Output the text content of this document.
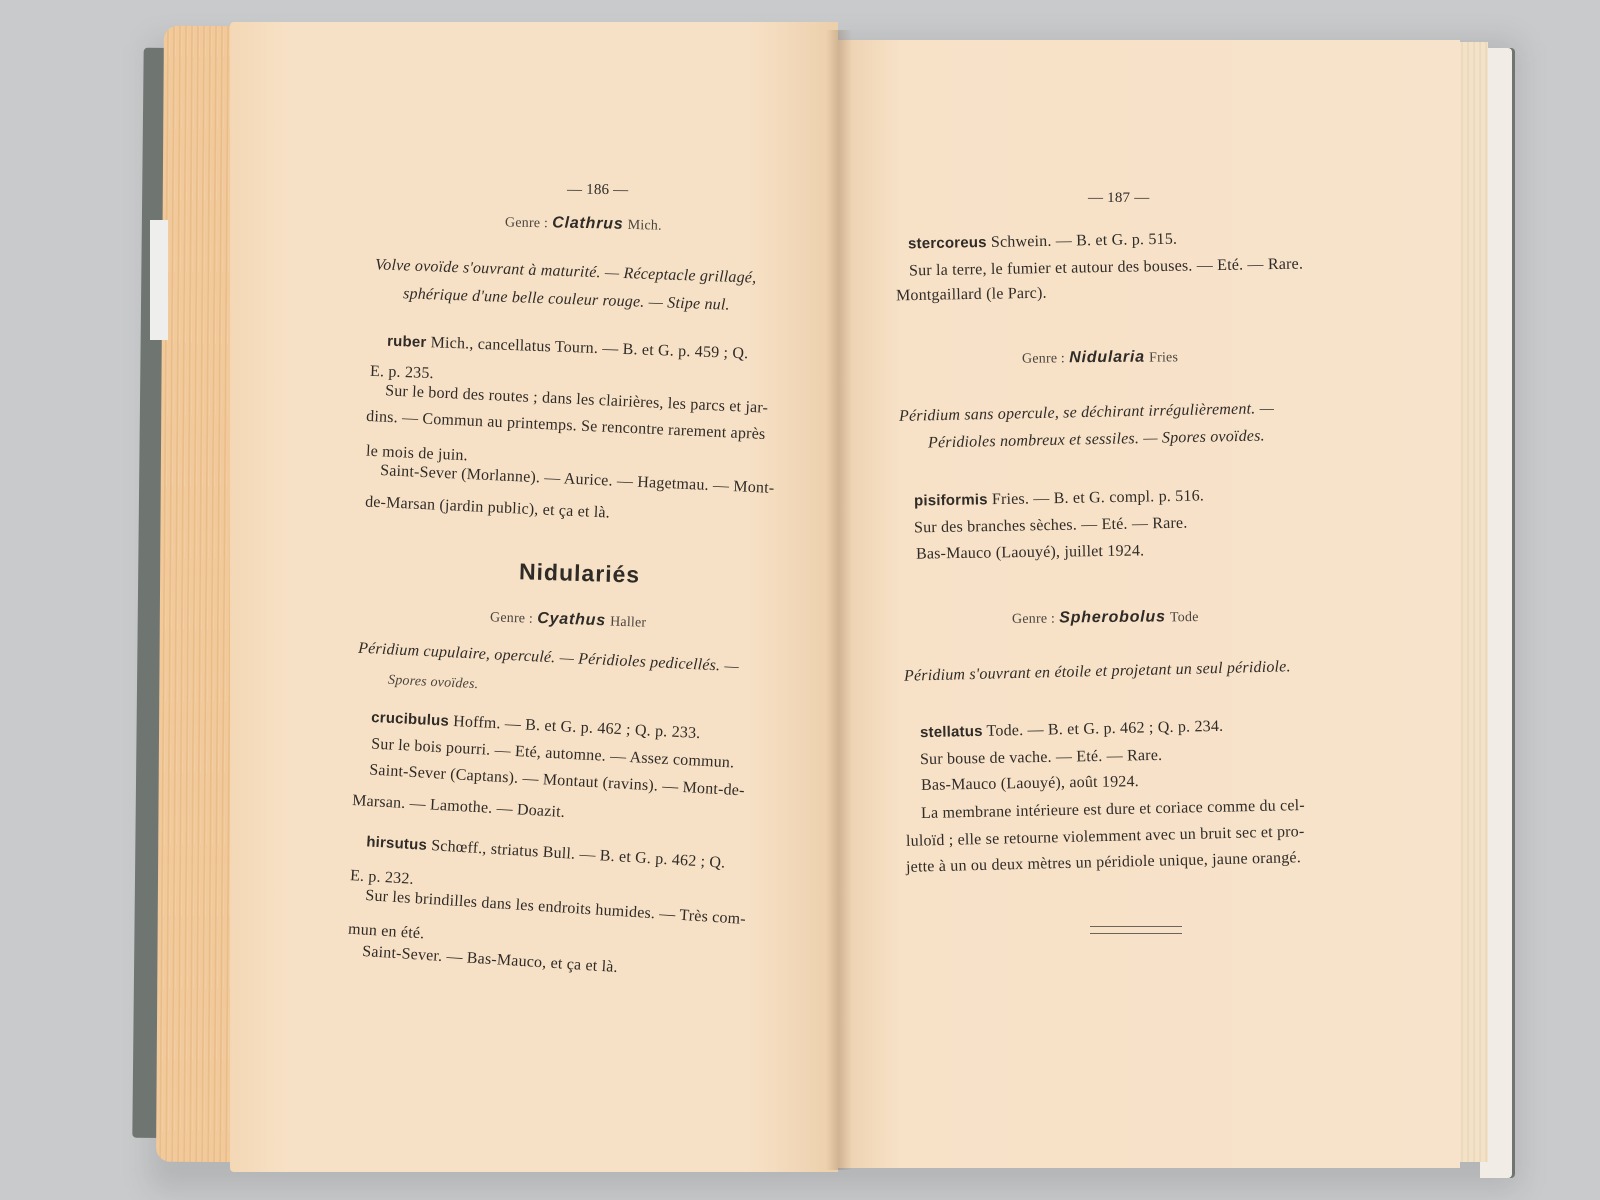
— 186 —
Genre : Clathrus Mich.
Volve ovoïde s'ouvrant à maturité. — Réceptacle grillagé,
sphérique d'une belle couleur rouge. — Stipe nul.
ruber Mich., cancellatus Tourn. — B. et G. p. 459 ; Q.
E. p. 235.
Sur le bord des routes ; dans les clairières, les parcs et jar-
dins. — Commun au printemps. Se rencontre rarement après
le mois de juin.
Saint-Sever (Morlanne). — Aurice. — Hagetmau. — Mont-
de-Marsan (jardin public), et ça et là.
Nidulariés
Genre : Cyathus Haller
Péridium cupulaire, operculé. — Péridioles pedicellés. —
Spores ovoïdes.
crucibulus Hoffm. — B. et G. p. 462 ; Q. p. 233.
Sur le bois pourri. — Eté, automne. — Assez commun.
Saint-Sever (Captans). — Montaut (ravins). — Mont-de-
Marsan. — Lamothe. — Doazit.
hirsutus Schœff., striatus Bull. — B. et G. p. 462 ; Q.
E. p. 232.
Sur les brindilles dans les endroits humides. — Très com-
mun en été.
Saint-Sever. — Bas-Mauco, et ça et là.
— 187 —
stercoreus Schwein. — B. et G. p. 515.
Sur la terre, le fumier et autour des bouses. — Eté. — Rare.
Montgaillard (le Parc).
Genre : Nidularia Fries
Péridium sans opercule, se déchirant irrégulièrement. —
Péridioles nombreux et sessiles. — Spores ovoïdes.
pisiformis Fries. — B. et G. compl. p. 516.
Sur des branches sèches. — Eté. — Rare.
Bas-Mauco (Laouyé), juillet 1924.
Genre : Spherobolus Tode
Péridium s'ouvrant en étoile et projetant un seul péridiole.
stellatus Tode. — B. et G. p. 462 ; Q. p. 234.
Sur bouse de vache. — Eté. — Rare.
Bas-Mauco (Laouyé), août 1924.
La membrane intérieure est dure et coriace comme du cel-
luloïd ; elle se retourne violemment avec un bruit sec et pro-
jette à un ou deux mètres un péridiole unique, jaune orangé.
